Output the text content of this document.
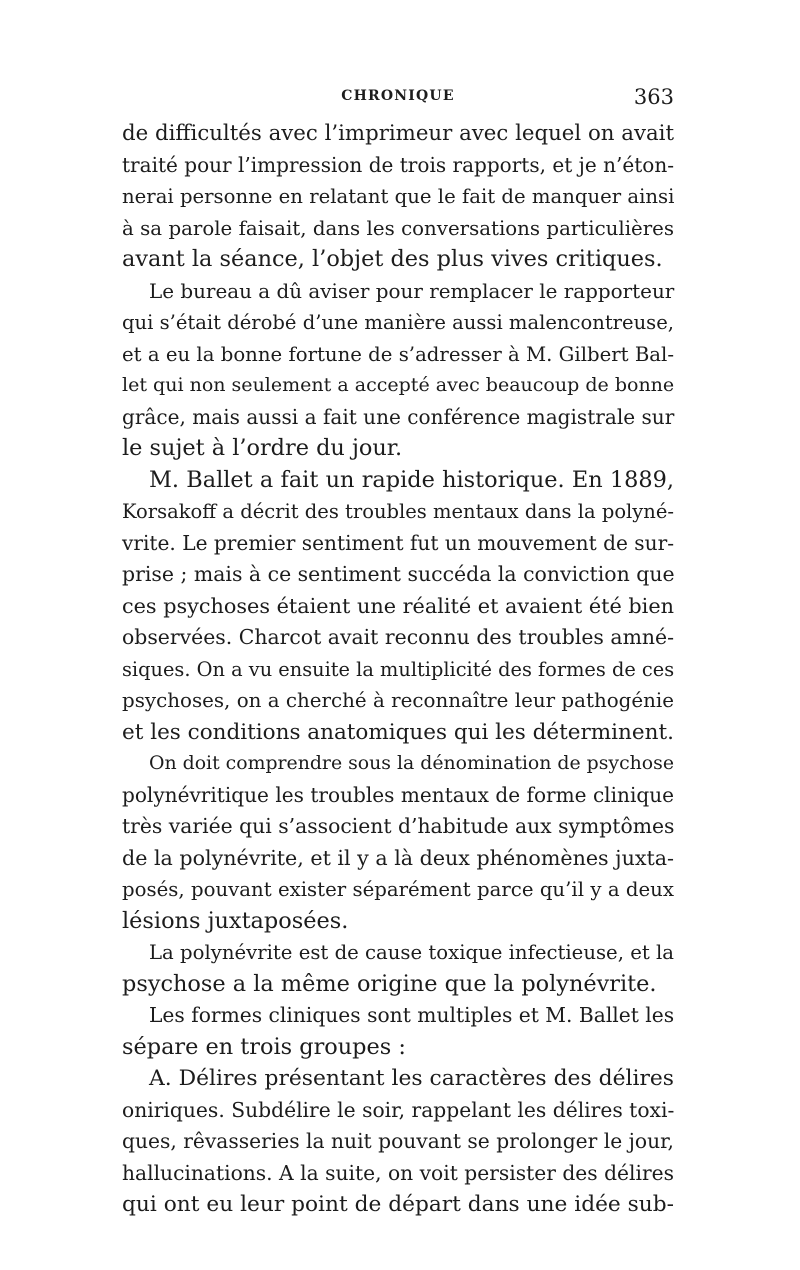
CHRONIQUE	363
de difficultés avec l’imprimeur avec lequel on avait
traité pour l’impression de trois rapports, et je n’éton-
nerai personne en relatant que le fait de manquer ainsi
à sa parole faisait, dans les conversations particulières
avant la séance, l’objet des plus vives critiques.
Le bureau a dû aviser pour remplacer le rapporteur
qui s’était dérobé d’une manière aussi malencontreuse,
et a eu la bonne fortune de s’adresser à M. Gilbert Bal-
let qui non seulement a accepté avec beaucoup de bonne
grâce, mais aussi a fait une conférence magistrale sur
le sujet à l’ordre du jour.
M. Ballet a fait un rapide historique. En 1889,
Korsakoff a décrit des troubles mentaux dans la polyné-
vrite. Le premier sentiment fut un mouvement de sur-
prise ; mais à ce sentiment succéda la conviction que
ces psychoses étaient une réalité et avaient été bien
observées. Charcot avait reconnu des troubles amné-
siques. On a vu ensuite la multiplicité des formes de ces
psychoses, on a cherché à reconnaître leur pathogénie
et les conditions anatomiques qui les déterminent.
On doit comprendre sous la dénomination de psychose
polynévritique les troubles mentaux de forme clinique
très variée qui s’associent d’habitude aux symptômes
de la polynévrite, et il y a là deux phénomènes juxta-
posés, pouvant exister séparément parce qu’il y a deux
lésions juxtaposées.
La polynévrite est de cause toxique infectieuse, et la
psychose a la même origine que la polynévrite.
Les formes cliniques sont multiples et M. Ballet les
sépare en trois groupes :
A. Délires présentant les caractères des délires
oniriques. Subdélire le soir, rappelant les délires toxi-
ques, rêvasseries la nuit pouvant se prolonger le jour,
hallucinations. A la suite, on voit persister des délires
qui ont eu leur point de départ dans une idée sub-
